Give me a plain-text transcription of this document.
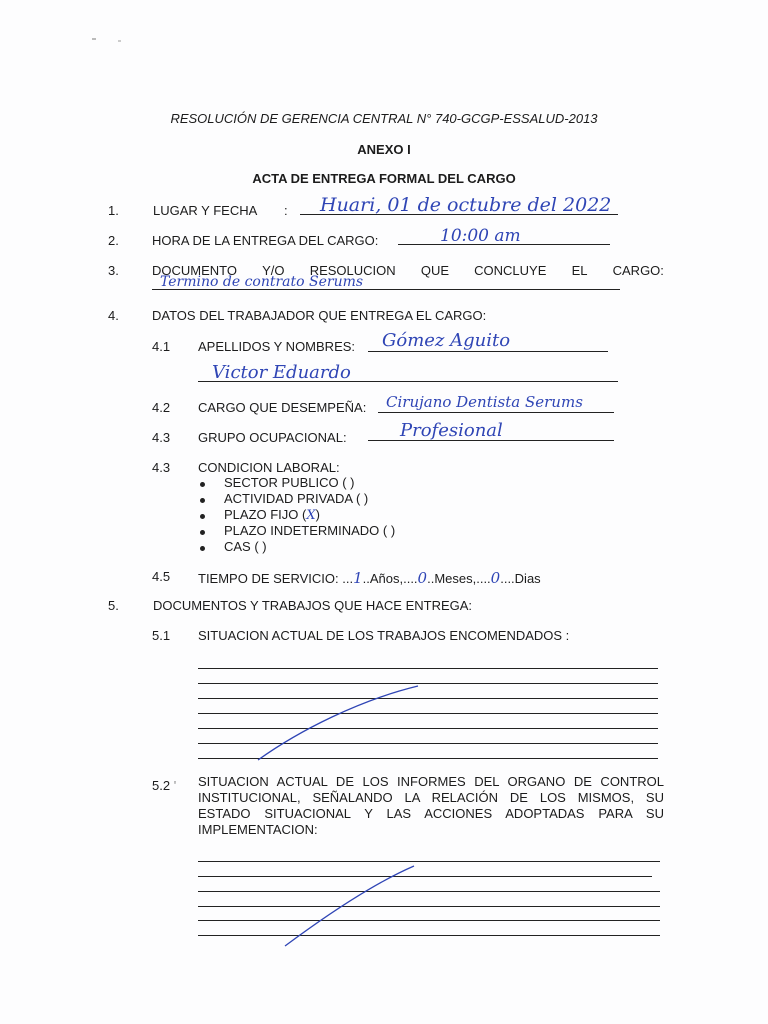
RESOLUCIÓN DE GERENCIA CENTRAL N° 740-GCGP-ESSALUD-2013
ANEXO I
ACTA DE ENTREGA FORMAL DEL CARGO
1.	LUGAR Y FECHA : Huari, 01 de octubre del 2022
2.	HORA DE LA ENTREGA DEL CARGO:	10:00 am
3.	DOCUMENTO Y/O RESOLUCION QUE CONCLUYE EL CARGO:
Termino de contrato Serums
4.	DATOS DEL TRABAJADOR QUE ENTREGA EL CARGO:
4.1 APELLIDOS Y NOMBRES: Gómez Aguito
Victor Eduardo
4.2 CARGO QUE DESEMPEÑA: Cirujano Dentista Serums
4.3 GRUPO OCUPACIONAL:	Profesional
4.3 CONDICION LABORAL:
SECTOR PUBLICO ( )
ACTIVIDAD PRIVADA ( )
PLAZO FIJO (X)
PLAZO INDETERMINADO ( )
CAS ( )
4.5 TIEMPO DE SERVICIO: ...1..Años,....0..Meses,....0....Dias
5.	DOCUMENTOS Y TRABAJOS QUE HACE ENTREGA:
5.1 SITUACION ACTUAL DE LOS TRABAJOS ENCOMENDADOS :
5.2 ' SITUACION ACTUAL DE LOS INFORMES DEL ORGANO DE CONTROL
INSTITUCIONAL, SEÑALANDO LA RELACIÓN DE LOS MISMOS, SU
ESTADO SITUACIONAL Y LAS ACCIONES ADOPTADAS PARA SU
IMPLEMENTACION:
